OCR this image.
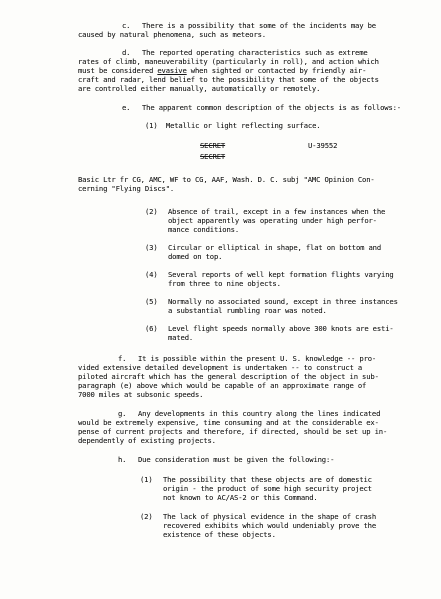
c. There is a possibility that some of the incidents may be
caused by natural phenomena, such as meteors.
d. The reported operating characteristics such as extreme
rates of climb, maneuverability (particularly in roll), and action which
must be considered evasive when sighted or contacted by friendly air-
craft and radar, lend belief to the possibility that some of the objects
are controlled either manually, automatically or remotely.
e. The apparent common description of the objects is as follows:-
(1)  Metallic or light reflecting surface.
SECRET	U-39552
SECRET
Basic Ltr fr CG, AMC, WF to CG, AAF, Wash. D. C. subj "AMC Opinion Con-
cerning "Flying Discs".
(2) Absence of trail, except in a few instances when the
object apparently was operating under high perfor-
mance conditions.
(3) Circular or elliptical in shape, flat on bottom and
domed on top.
(4) Several reports of well kept formation flights varying
from three to nine objects.
(5) Normally no associated sound, except in three instances
a substantial rumbling roar was noted.
(6) Level flight speeds normally above 300 knots are esti-
mated.
f. It is possible within the present U. S. knowledge -- pro-
vided extensive detailed development is undertaken -- to construct a
piloted aircraft which has the general description of the object in sub-
paragraph (e) above which would be capable of an approximate range of
7000 miles at subsonic speeds.
g. Any developments in this country along the lines indicated
would be extremely expensive, time consuming and at the considerable ex-
pense of current projects and therefore, if directed, should be set up in-
dependently of existing projects.
h. Due consideration must be given the following:-
(1) The possibility that these objects are of domestic
origin - the product of some high security project
not known to AC/AS-2 or this Command.
(2) The lack of physical evidence in the shape of crash
recovered exhibits which would undeniably prove the
existence of these objects.
